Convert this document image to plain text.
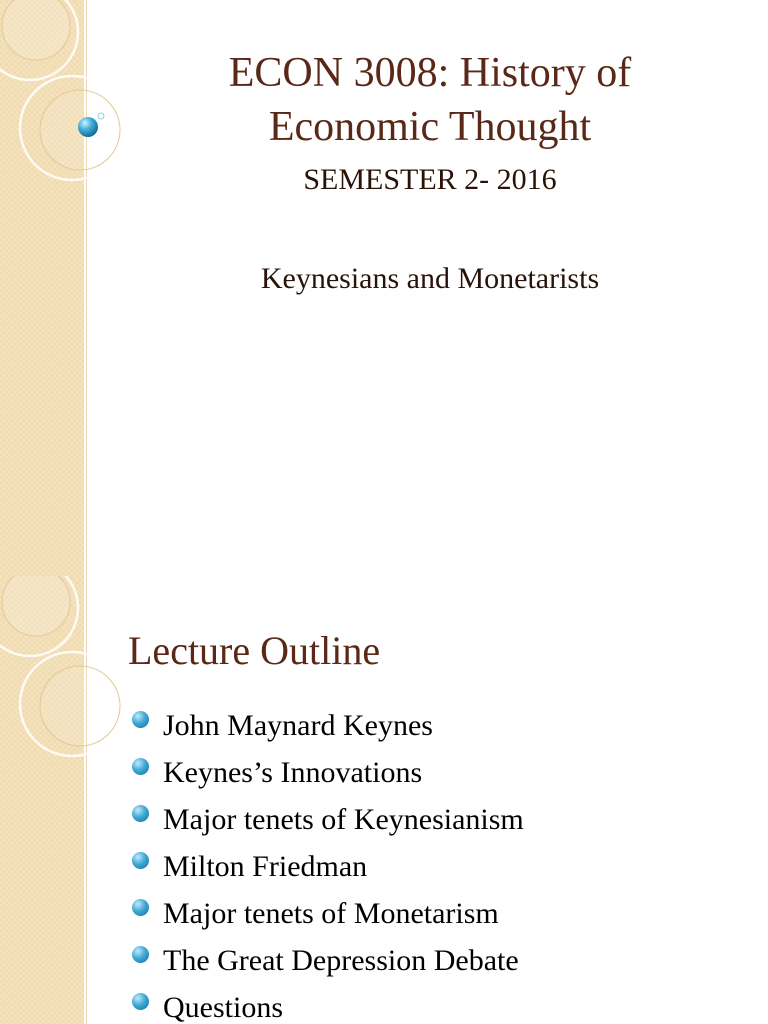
ECON 3008: History of
Economic Thought
SEMESTER 2- 2016
Keynesians and Monetarists
Lecture Outline
John Maynard Keynes
Keynes’s Innovations
Major tenets of Keynesianism
Milton Friedman
Major tenets of Monetarism
The Great Depression Debate
Questions
